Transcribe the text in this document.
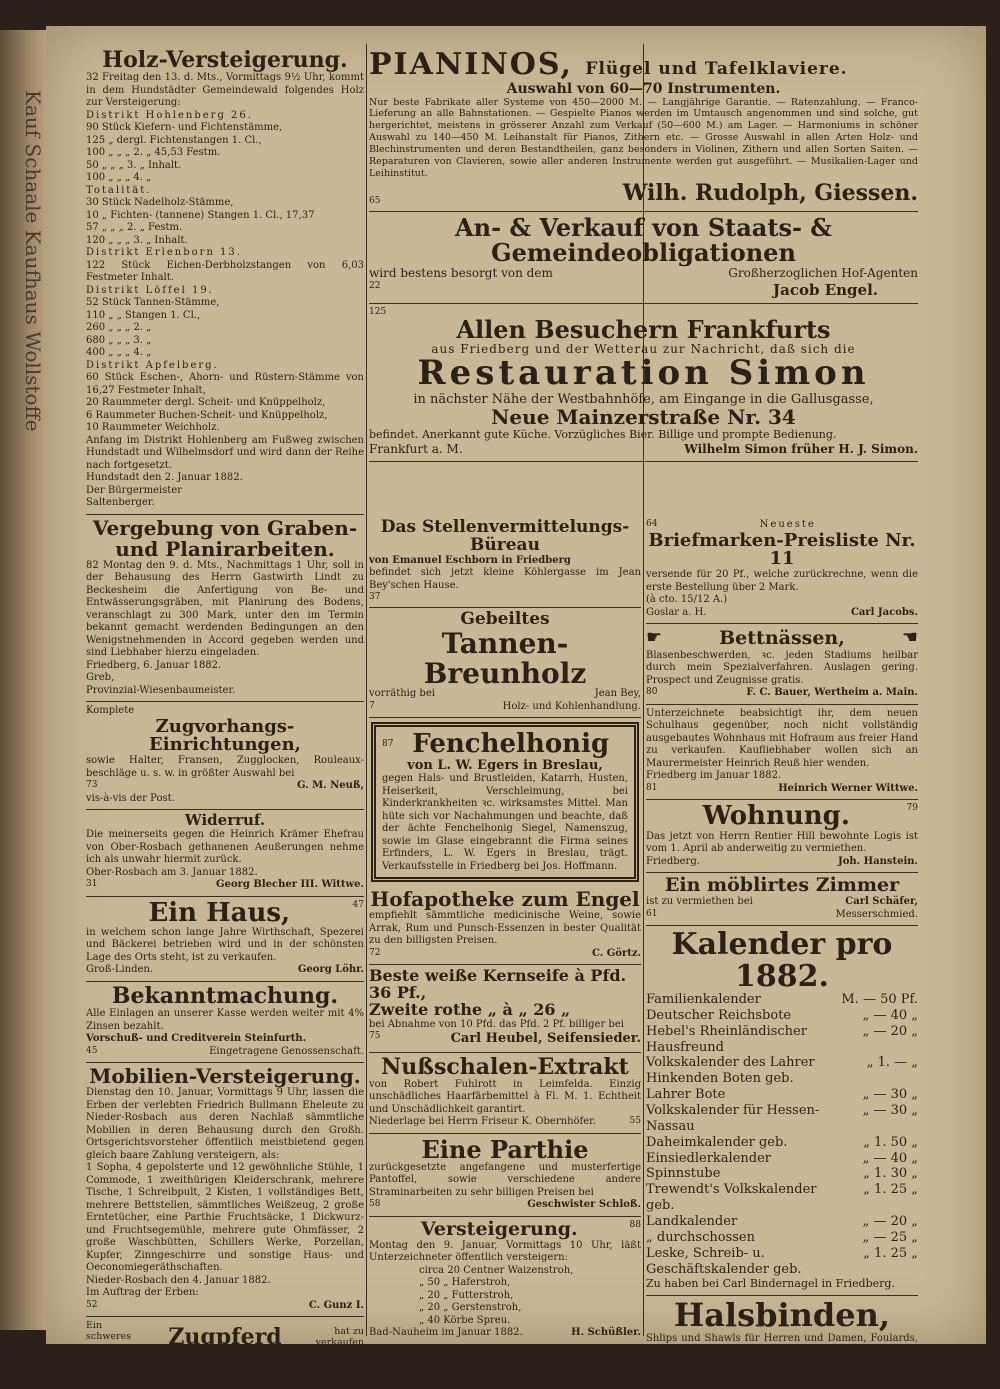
Kauf Schaale Kaufhaus Wollstoffe
Holz-Versteigerung.
32 Freitag den 13. d. Mts., Vormittags 9½ Uhr, kommt in dem Hundstädter Gemeindewald folgendes Holz zur Versteigerung:
Distrikt Hohlenberg 26.
90 Stück Kiefern- und Fichtenstämme,
125 „ dergl. Fichtenstangen 1. Cl.,
100 „ „ „ 2. „ 45,53 Festm.
50 „ „ „ 3. „ Inhalt.
100 „ „ „ 4. „
Totalität.
30 Stück Nadelholz-Stämme,
10 „ Fichten- (tannene) Stangen 1. Cl., 17,37
57 „ „ „ 2. „ Festm.
120 „ „ „ 3. „ Inhalt.
Distrikt Erlenborn 13.
122 Stück Eichen-Derbholzstangen von 6,03 Festmeter Inhalt.
Distrikt Löffel 19.
52 Stück Tannen-Stämme,
110 „ „ Stangen 1. Cl.,
260 „ „ „ 2. „
680 „ „ „ 3. „
400 „ „ „ 4. „
Distrikt Apfelberg.
60 Stück Eschen-, Ahorn- und Rüstern-Stämme von 16,27 Festmeter Inhalt,
20 Raummeter dergl. Scheit- und Knüppelholz,
6 Raummeter Buchen-Scheit- und Knüppelholz,
10 Raummeter Weichholz.
Anfang im Distrikt Hohlenberg am Fußweg zwischen Hundstadt und Wilhelmsdorf und wird dann der Reihe nach fortgesetzt.
Hundstadt den 2. Januar 1882.
Der Bürgermeister
Saltenberger.
Vergebung von Graben- und Planirarbeiten.
82 Montag den 9. d. Mts., Nachmittags 1 Uhr, soll in der Behausung des Herrn Gastwirth Lindt zu Beckesheim die Anfertigung von Be- und Entwässerungsgräben, mit Planirung des Bodens, veranschlagt zu 300 Mark, unter den im Termin bekannt gemacht werdenden Bedingungen an den Wenigstnehmenden in Accord gegeben werden und sind Liebhaber hierzu eingeladen.
Friedberg, 6. Januar 1882.
Greb,
Provinzial-Wiesenbaumeister.
Komplete
Zugvorhangs-Einrichtungen,
sowie Halter, Fransen, Zugglocken, Rouleaux-beschläge u. s. w. in größter Auswahl bei
73	G. M. Neuß,
vis-à-vis der Post.
Widerruf.
Die meinerseits gegen die Heinrich Krämer Ehefrau von Ober-Rosbach gethanenen Aeußerungen nehme ich als unwahr hiermit zurück.
Ober-Rosbach am 3. Januar 1882.
31	Georg Blecher III. Wittwe.
Ein Haus,	47
in welchem schon lange Jahre Wirthschaft, Spezerei und Bäckerei betrieben wird und in der schönsten Lage des Orts steht, ist zu verkaufen.
Groß-Linden.	Georg Löhr.
Bekanntmachung.
Alle Einlagen an unserer Kasse werden weiter mit 4% Zinsen bezahlt.
Vorschuß- und Creditverein Steinfurth.
45	Eingetragene Genossenschaft.
Mobilien-Versteigerung.
Dienstag den 10. Januar, Vormittags 9 Uhr, lassen die Erben der verlebten Friedrich Bullmann Eheleute zu Nieder-Rosbach aus deren Nachlaß sämmtliche Mobilien in deren Behausung durch den Großh. Ortsgerichtsvorsteher öffentlich meistbietend gegen gleich baare Zahlung versteigern, als:
1 Sopha, 4 gepolsterte und 12 gewöhnliche Stühle, 1 Commode, 1 zweithürigen Kleiderschrank, mehrere Tische, 1 Schreibpult, 2 Kisten, 1 vollständiges Bett, mehrere Bettstellen, sämmtliches Weißzeug, 2 große Erntetücher, eine Parthie Fruchtsäcke, 1 Dickwurz- und Fruchtsegemühle, mehrere gute Ohmfässer, 2 große Waschbütten, Schillers Werke, Porzellan, Kupfer, Zinngeschirre und sonstige Haus- und Oeconomiegeräthschaften.
Nieder-Rosbach den 4. Januar 1882.
Im Auftrag der Erben:
52	C. Gunz I.
Ein schweres und gutes	Zugpferd	hat zu verkaufen
Hoch-Weisel.	15	Andreas Werner II.
PIANINOS, Flügel und Tafelklaviere.
Auswahl von 60—70 Instrumenten.
Nur beste Fabrikate aller Systeme von 450—2000 M. — Langjährige Garantie. — Ratenzahlung. — Franco-Lieferung an alle Bahnstationen. — Gespielte Pianos werden im Umtausch angenommen und sind solche, gut hergerichtet, meistens in grösserer Anzahl zum Verkauf (50—600 M.) am Lager. — Harmoniums in schöner Auswahl zu 140—450 M. Leihanstalt für Pianos, Zithern etc. — Grosse Auswahl in allen Arten Holz- und Blechinstrumenten und deren Bestandtheilen, ganz besonders in Violinen, Zithern und allen Sorten Saiten. — Reparaturen von Clavieren, sowie aller anderen Instrumente werden gut ausgeführt. — Musikalien-Lager und Leihinstitut.
65	Wilh. Rudolph, Giessen.
An- & Verkauf von Staats- & Gemeindeobligationen
wird bestens besorgt von dem	Großherzoglichen Hof-Agenten
22	Jacob Engel.
125
Allen Besuchern Frankfurts
aus Friedberg und der Wetterau zur Nachricht, daß sich die
Restauration Simon
in nächster Nähe der Westbahnhöfe, am Eingange in die Gallusgasse,
Neue Mainzerstraße Nr. 34
befindet. Anerkannt gute Küche. Vorzügliches Bier. Billige und prompte Bedienung.
Frankfurt a. M.	Wilhelm Simon früher H. J. Simon.
Das Stellenvermittelungs-Büreau
von Emanuel Eschborn in Friedberg
befindet sich jetzt kleine Köhlergasse im Jean Bey'schen Hause.
37
Gebeiltes
Tannen-Breunholz
vorräthig bei	Jean Bey,
7	Holz- und Kohlenhandlung.
87 Fenchelhonig
von L. W. Egers in Breslau,
gegen Hals- und Brustleiden, Katarrh, Husten, Heiserkeit, Verschleimung, bei Kinderkrankheiten ꝛc. wirksamstes Mittel. Man hüte sich vor Nachahmungen und beachte, daß der ächte Fenchelhonig Siegel, Namenszug, sowie im Glase eingebrannt die Firma seines Erfinders, L. W. Egers in Breslau, trägt. Verkaufsstelle in Friedberg bei Jos. Hoffmann.
Hofapotheke zum Engel
empfiehlt sämmtliche medicinische Weine, sowie Arrak, Rum und Punsch-Essenzen in bester Qualität zu den billigsten Preisen.
72	C. Görtz.
Beste weiße Kernseife à Pfd. 36 Pf.,
Zweite rothe „ à „ 26 „
bei Abnahme von 10 Pfd. das Pfd. 2 Pf. billiger bei
75	Carl Heubel, Seifensieder.
Nußschalen-Extrakt
von Robert Fuhlrott in Leimfelda. Einzig unschädliches Haarfärbemittel à Fl. M. 1. Echtheit und Unschädlichkeit garantirt.
Niederlage bei Herrn Friseur K. Obernhöfer.	55
Eine Parthie
zurückgesetzte angefangene und musterfertige Pantoffel, sowie verschiedene andere Straminarbeiten zu sehr billigen Preisen bei
58	Geschwister Schloß.
Versteigerung.	88
Montag den 9. Januar, Vormittags 10 Uhr, läßt Unterzeichneter öffentlich versteigern:
circa 20 Centner Waizenstroh,
„ 50 „ Haferstroh,
„ 20 „ Futterstroh,
„ 20 „ Gerstenstroh,
„ 40 Körbe Spreu.
Bad-Nauheim im Januar 1882.	H. Schüßler.
64	Neueste
Briefmarken-Preisliste Nr. 11
versende für 20 Pf., welche zurückrechne, wenn die erste Bestellung über 2 Mark.
(à cto. 15/12 A.)
Goslar a. H.	Carl Jacobs.
☛	Bettnässen,	☚
Blasenbeschwerden, ꝛc. jeden Stadiums heilbar durch mein Spezialverfahren. Auslagen gering. Prospect und Zeugnisse gratis.
80	F. C. Bauer, Wertheim a. Main.
Unterzeichnete beabsichtigt ihr, dem neuen Schulhaus gegenüber, noch nicht vollständig ausgebautes Wohnhaus mit Hofraum aus freier Hand zu verkaufen. Kaufliebhaber wollen sich an Maurermeister Heinrich Reuß hier wenden.
Friedberg im Januar 1882.
81	Heinrich Werner Wittwe.
Wohnung.	79
Das jetzt von Herrn Rentier Hill bewohnte Logis ist vom 1. April ab anderweitig zu vermiethen.
Friedberg.	Joh. Hanstein.
Ein möblirtes Zimmer
ist zu vermiethen bei	Carl Schäfer,
61	Messerschmied.
Kalender pro 1882.
Familienkalender	M. — 50 Pf.
Deutscher Reichsbote	„ — 40 „
Hebel's Rheinländischer Hausfreund
„ — 20 „
Volkskalender des Lahrer Hinkenden Boten geb.
„ 1. — „
Lahrer Bote	„ — 30 „
Volkskalender für Hessen-Nassau
„ — 30 „
Daheimkalender geb.	„ 1. 50 „
Einsiedlerkalender	„ — 40 „
Spinnstube	„ 1. 30 „
Trewendt's Volkskalender geb.
„ 1. 25 „
Landkalender	„ — 20 „
„ durchschossen	„ — 25 „
Leske, Schreib- u. Geschäftskalender geb.
„ 1. 25 „
Zu haben bei Carl Bindernagel in Friedberg.
Halsbinden,
Shlips und Shawls für Herren und Damen, Foulards, buntfarbige seidene Umschlagtücher, sowie weiße und schwarze seidene Halstücher billigst bei
92	K. Friedrich.
